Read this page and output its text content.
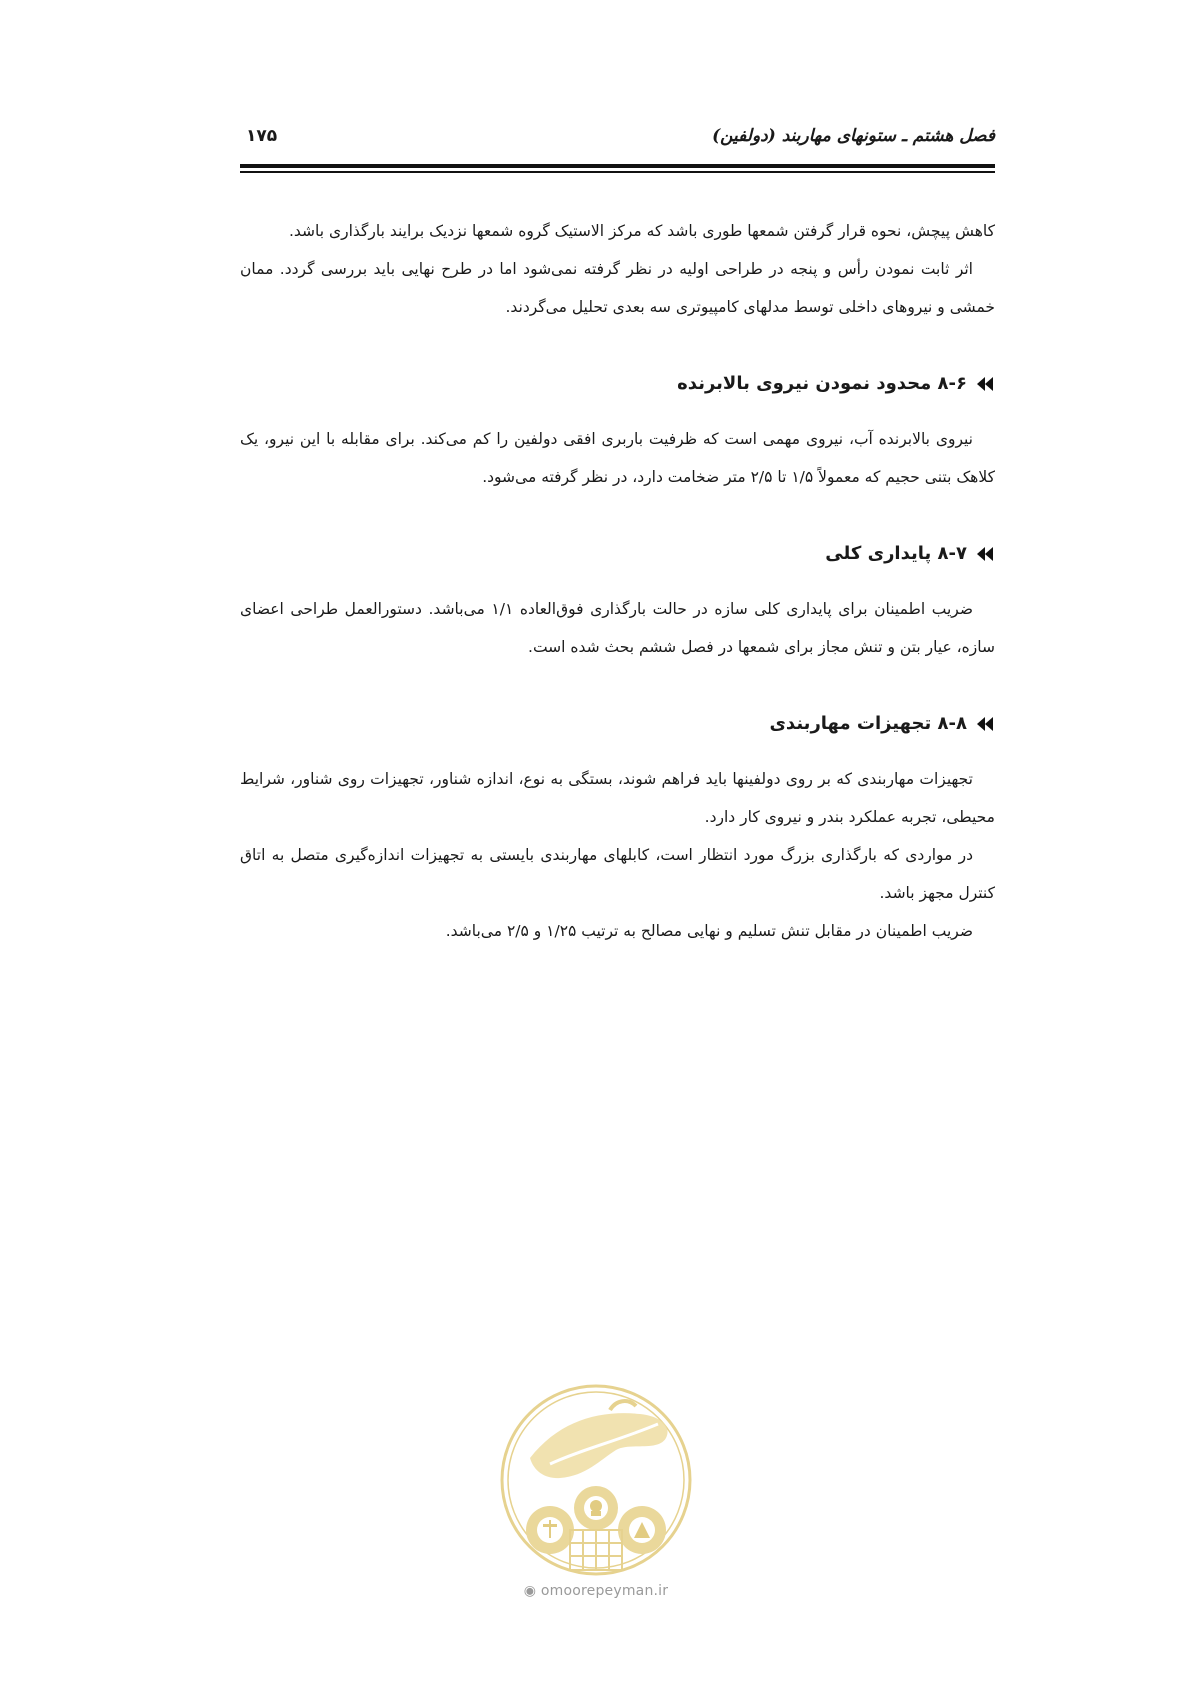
فصل هشتم ـ ستونهای مهاربند (دولفین)
۱۷۵

کاهش پیچش، نحوه قرار گرفتن شمعها طوری باشد که مرکز الاستیک گروه شمعها نزدیک برایند بارگذاری باشد.

اثر ثابت نمودن رأس و پنجه در طراحی اولیه در نظر گرفته نمی‌شود اما در طرح نهایی باید بررسی گردد. ممان خمشی و نیروهای داخلی توسط مدلهای کامپیوتری سه بعدی تحلیل می‌گردند.

۸-۶ محدود نمودن نیروی بالابرنده

نیروی بالابرنده آب، نیروی مهمی است که ظرفیت باربری افقی دولفین را کم می‌کند. برای مقابله با این نیرو، یک کلاهک بتنی حجیم که معمولاً ۱/۵ تا ۲/۵ متر ضخامت دارد، در نظر گرفته می‌شود.

۸-۷ پایداری کلی

ضریب اطمینان برای پایداری کلی سازه در حالت بارگذاری فوق‌العاده ۱/۱ می‌باشد. دستورالعمل طراحی اعضای سازه، عیار بتن و تنش مجاز برای شمعها در فصل ششم بحث شده است.

۸-۸ تجهیزات مهاربندی

تجهیزات مهاربندی که بر روی دولفینها باید فراهم شوند، بستگی به نوع، اندازه شناور، تجهیزات روی شناور، شرایط محیطی، تجربه عملکرد بندر و نیروی کار دارد.

در مواردی که بارگذاری بزرگ مورد انتظار است، کابلهای مهاربندی بایستی به تجهیزات اندازه‌گیری متصل به اتاق کنترل مجهز باشد.

ضریب اطمینان در مقابل تنش تسلیم و نهایی مصالح به ترتیب ۱/۲۵ و ۲/۵ می‌باشد.

◉ omoorepeyman.ir
